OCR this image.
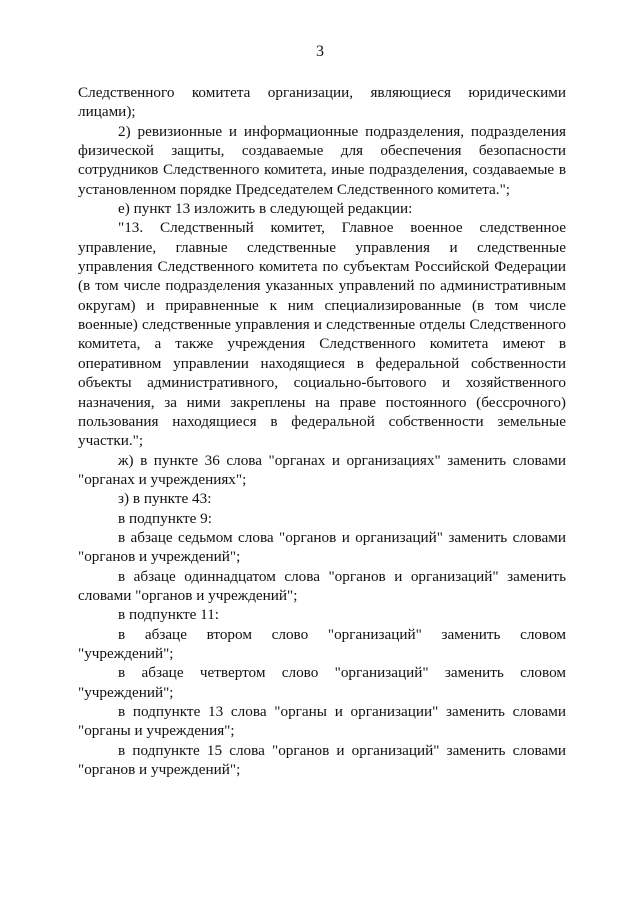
3

Следственного комитета организации, являющиеся юридическими лицами);

2) ревизионные и информационные подразделения, подразделения физической защиты, создаваемые для обеспечения безопасности сотрудников Следственного комитета, иные подразделения, создаваемые в установленном порядке Председателем Следственного комитета.";

е) пункт 13 изложить в следующей редакции:

"13. Следственный комитет, Главное военное следственное управление, главные следственные управления и следственные управления Следственного комитета по субъектам Российской Федерации (в том числе подразделения указанных управлений по административным округам) и приравненные к ним специализированные (в том числе военные) следственные управления и следственные отделы Следственного комитета, а также учреждения Следственного комитета имеют в оперативном управлении находящиеся в федеральной собственности объекты административного, социально-бытового и хозяйственного назначения, за ними закреплены на праве постоянного (бессрочного) пользования находящиеся в федеральной собственности земельные участки.";

ж) в пункте 36 слова "органах и организациях" заменить словами "органах и учреждениях";

з) в пункте 43:

в подпункте 9:

в абзаце седьмом слова "органов и организаций" заменить словами "органов и учреждений";

в абзаце одиннадцатом слова "органов и организаций" заменить словами "органов и учреждений";

в подпункте 11:

в абзаце втором слово "организаций" заменить словом "учреждений";

в абзаце четвертом слово "организаций" заменить словом "учреждений";

в подпункте 13 слова "органы и организации" заменить словами "органы и учреждения";

в подпункте 15 слова "органов и организаций" заменить словами "органов и учреждений";
